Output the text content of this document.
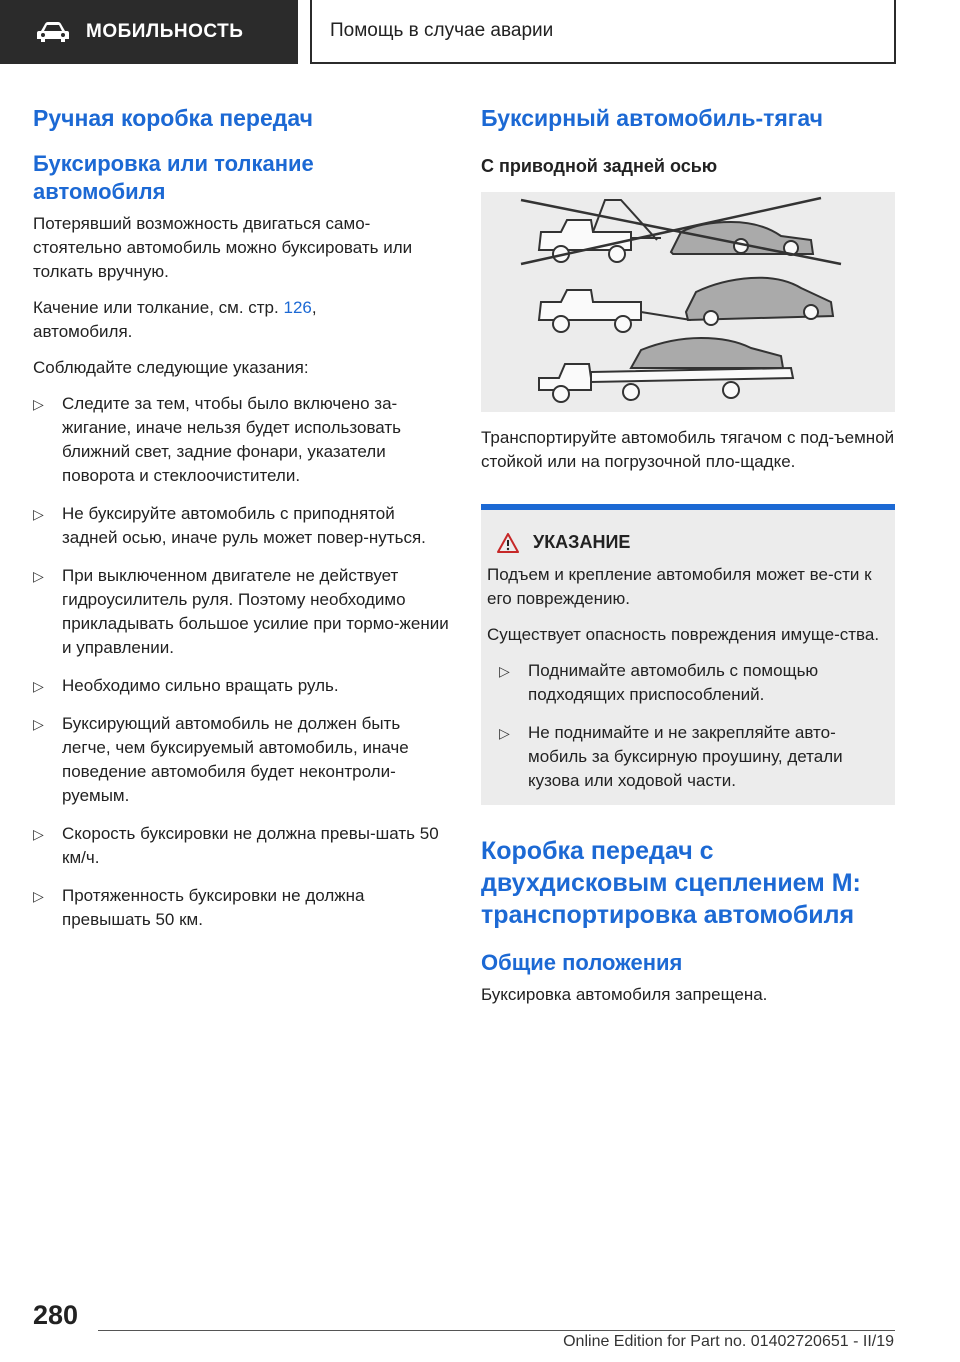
МОБИЛЬНОСТЬ	Помощь в случае аварии
Ручная коробка передач
Буксировка или толкание автомобиля

Потерявший возможность двигаться само-стоятельно автомобиль можно буксировать или толкать вручную.

Качение или толкание, см. стр. 126,
автомобиля.

Соблюдайте следующие указания:

▷ Следите за тем, чтобы было включено за-жигание, иначе нельзя будет использовать ближний свет, задние фонари, указатели поворота и стеклоочистители.
▷ Не буксируйте автомобиль с приподнятой задней осью, иначе руль может повер-нуться.
▷ При выключенном двигателе не действует гидроусилитель руля. Поэтому необходимо прикладывать большое усилие при тормо-жении и управлении.
▷ Необходимо сильно вращать руль.
▷ Буксирующий автомобиль не должен быть легче, чем буксируемый автомобиль, иначе поведение автомобиля будет неконтроли-руемым.
▷ Скорость буксировки не должна превы-шать 50 км/ч.
▷ Протяженность буксировки не должна превышать 50 км.
Буксирный автомобиль-тягач
С приводной задней осью

Транспортируйте автомобиль тягачом с под-ъемной стойкой или на погрузочной пло-щадке.

УКАЗАНИЕ

Подъем и крепление автомобиля может ве-сти к его повреждению.

Существует опасность повреждения имуще-ства.

▷ Поднимайте автомобиль с помощью подходящих приспособлений.
▷ Не поднимайте и не закрепляйте авто-мобиль за буксирную проушину, детали кузова или ходовой части.
Коробка передач с двухдисковым сцеплением M: транспортировка автомобиля
Общие положения

Буксировка автомобиля запрещена.

280
Online Edition for Part no. 01402720651 - II/19
